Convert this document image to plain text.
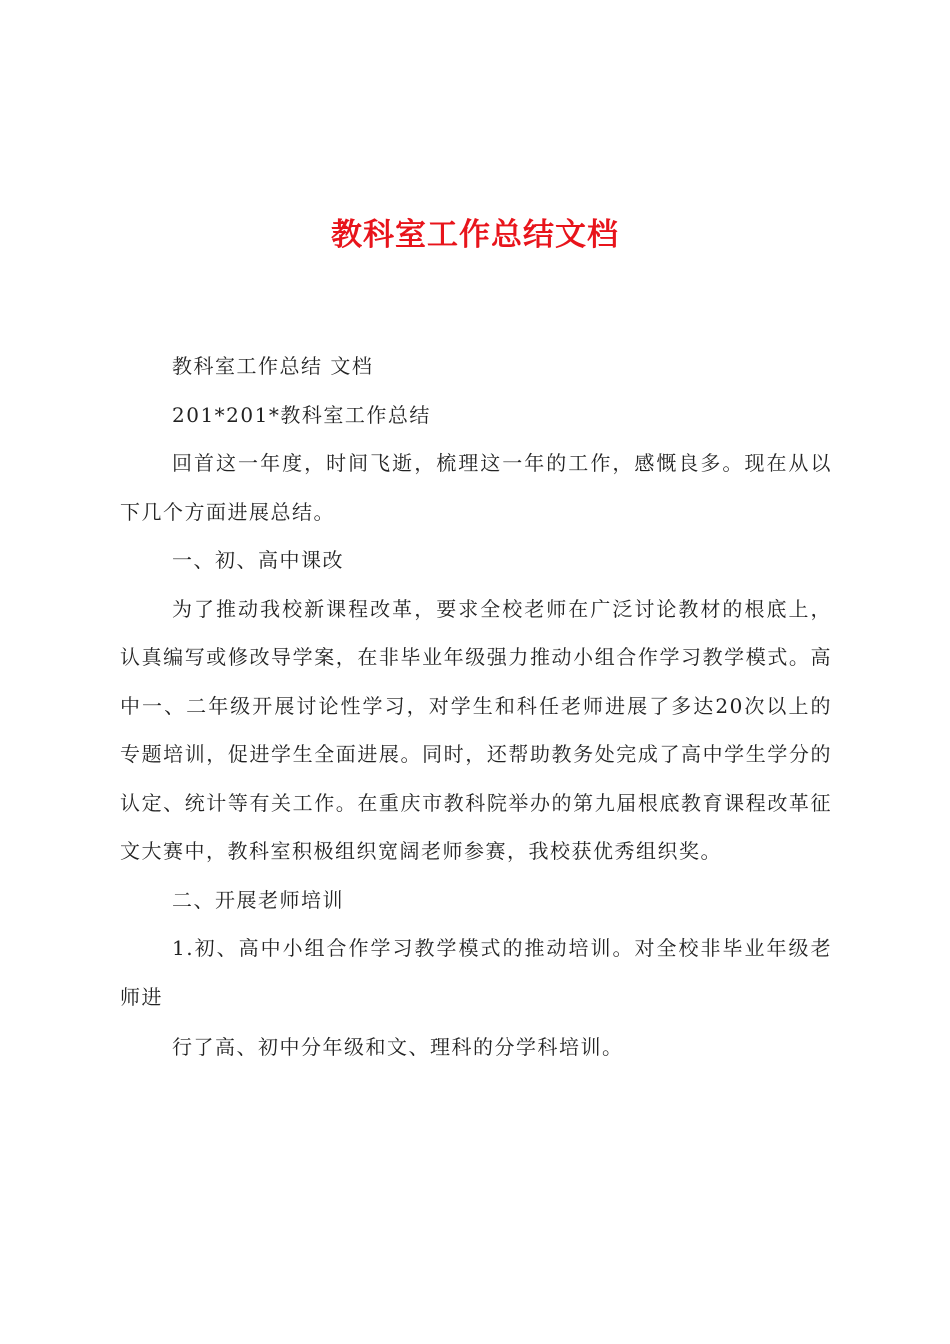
教科室工作总结文档

教科室工作总结 文档

201*201*教科室工作总结

回首这一年度，时间飞逝，梳理这一年的工作，感慨良多。现在从以下几个方面进展总结。

一、初、高中课改

为了推动我校新课程改革，要求全校老师在广泛讨论教材的根底上，认真编写或修改导学案，在非毕业年级强力推动小组合作学习教学模式。高中一、二年级开展讨论性学习，对学生和科任老师进展了多达20次以上的专题培训，促进学生全面进展。同时，还帮助教务处完成了高中学生学分的认定、统计等有关工作。在重庆市教科院举办的第九届根底教育课程改革征文大赛中，教科室积极组织宽阔老师参赛，我校获优秀组织奖。

二、开展老师培训

1.初、高中小组合作学习教学模式的推动培训。对全校非毕业年级老师进

行了高、初中分年级和文、理科的分学科培训。
